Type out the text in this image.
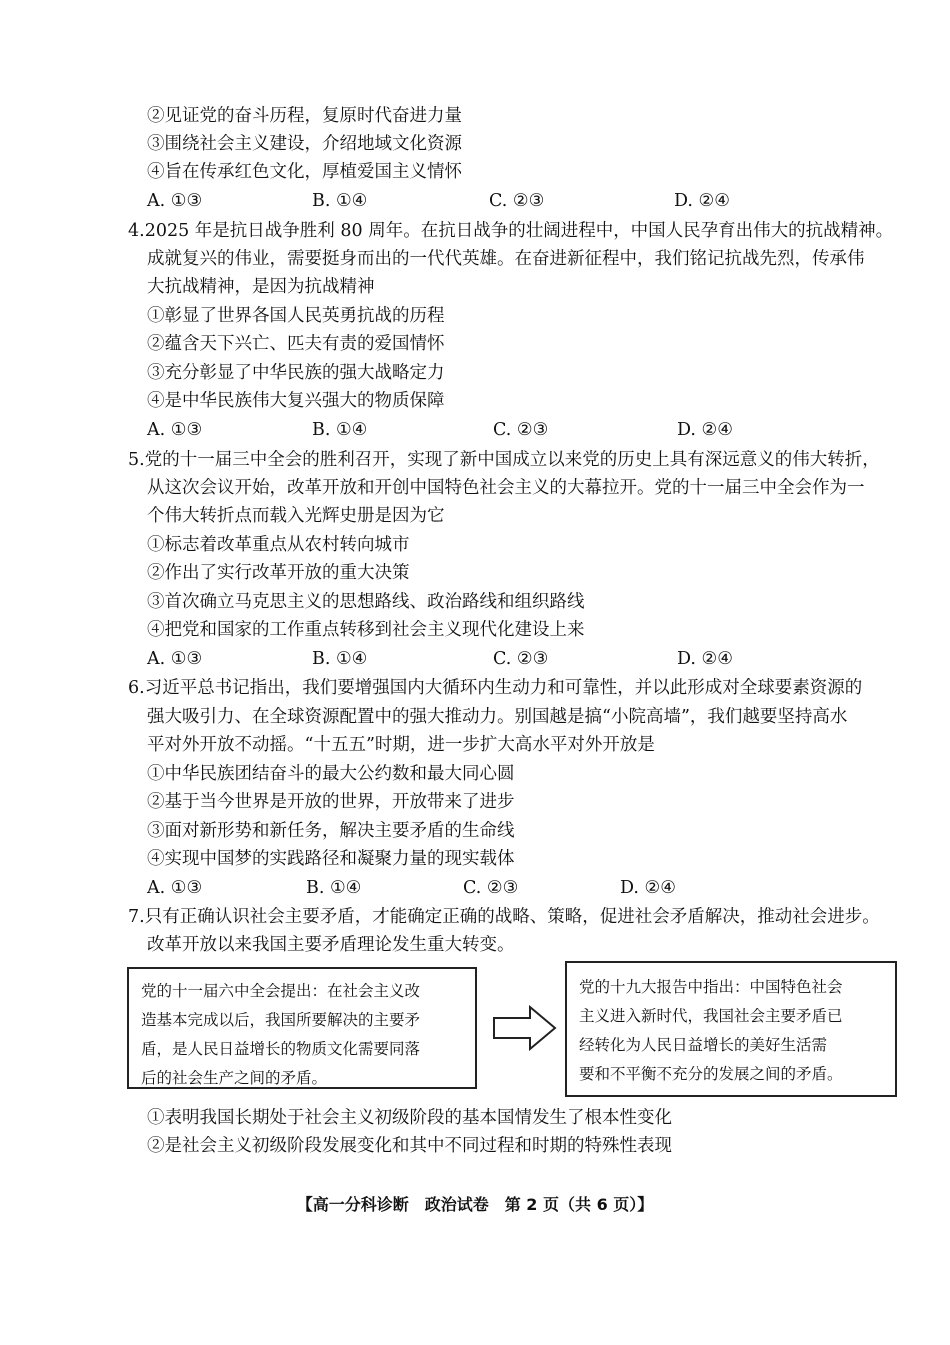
②见证党的奋斗历程，复原时代奋进力量
③围绕社会主义建设，介绍地域文化资源
④旨在传承红色文化，厚植爱国主义情怀
A. ①③	B. ①④	C. ②③	D. ②④
4.2025 年是抗日战争胜利 80 周年。在抗日战争的壮阔进程中，中国人民孕育出伟大的抗战精神。
成就复兴的伟业，需要挺身而出的一代代英雄。在奋进新征程中，我们铭记抗战先烈，传承伟
大抗战精神，是因为抗战精神
①彰显了世界各国人民英勇抗战的历程
②蕴含天下兴亡、匹夫有责的爱国情怀
③充分彰显了中华民族的强大战略定力
④是中华民族伟大复兴强大的物质保障
A. ①③	B. ①④	C. ②③	D. ②④
5.党的十一届三中全会的胜利召开，实现了新中国成立以来党的历史上具有深远意义的伟大转折，
从这次会议开始，改革开放和开创中国特色社会主义的大幕拉开。党的十一届三中全会作为一
个伟大转折点而载入光辉史册是因为它
①标志着改革重点从农村转向城市
②作出了实行改革开放的重大决策
③首次确立马克思主义的思想路线、政治路线和组织路线
④把党和国家的工作重点转移到社会主义现代化建设上来
A. ①③	B. ①④	C. ②③	D. ②④
6.习近平总书记指出，我们要增强国内大循环内生动力和可靠性，并以此形成对全球要素资源的
强大吸引力、在全球资源配置中的强大推动力。别国越是搞“小院高墙”，我们越要坚持高水
平对外开放不动摇。“十五五”时期，进一步扩大高水平对外开放是
①中华民族团结奋斗的最大公约数和最大同心圆
②基于当今世界是开放的世界，开放带来了进步
③面对新形势和新任务，解决主要矛盾的生命线
④实现中国梦的实践路径和凝聚力量的现实载体
A. ①③	B. ①④	C. ②③	D. ②④
7.只有正确认识社会主要矛盾，才能确定正确的战略、策略，促进社会矛盾解决，推动社会进步。
改革开放以来我国主要矛盾理论发生重大转变。
党的十一届六中全会提出：在社会主义改
造基本完成以后，我国所要解决的主要矛
盾，是人民日益增长的物质文化需要同落
后的社会生产之间的矛盾。
党的十九大报告中指出：中国特色社会
主义进入新时代，我国社会主要矛盾已
经转化为人民日益增长的美好生活需
要和不平衡不充分的发展之间的矛盾。
①表明我国长期处于社会主义初级阶段的基本国情发生了根本性变化
②是社会主义初级阶段发展变化和其中不同过程和时期的特殊性表现
【高一分科诊断　政治试卷　第 2 页（共 6 页）】
